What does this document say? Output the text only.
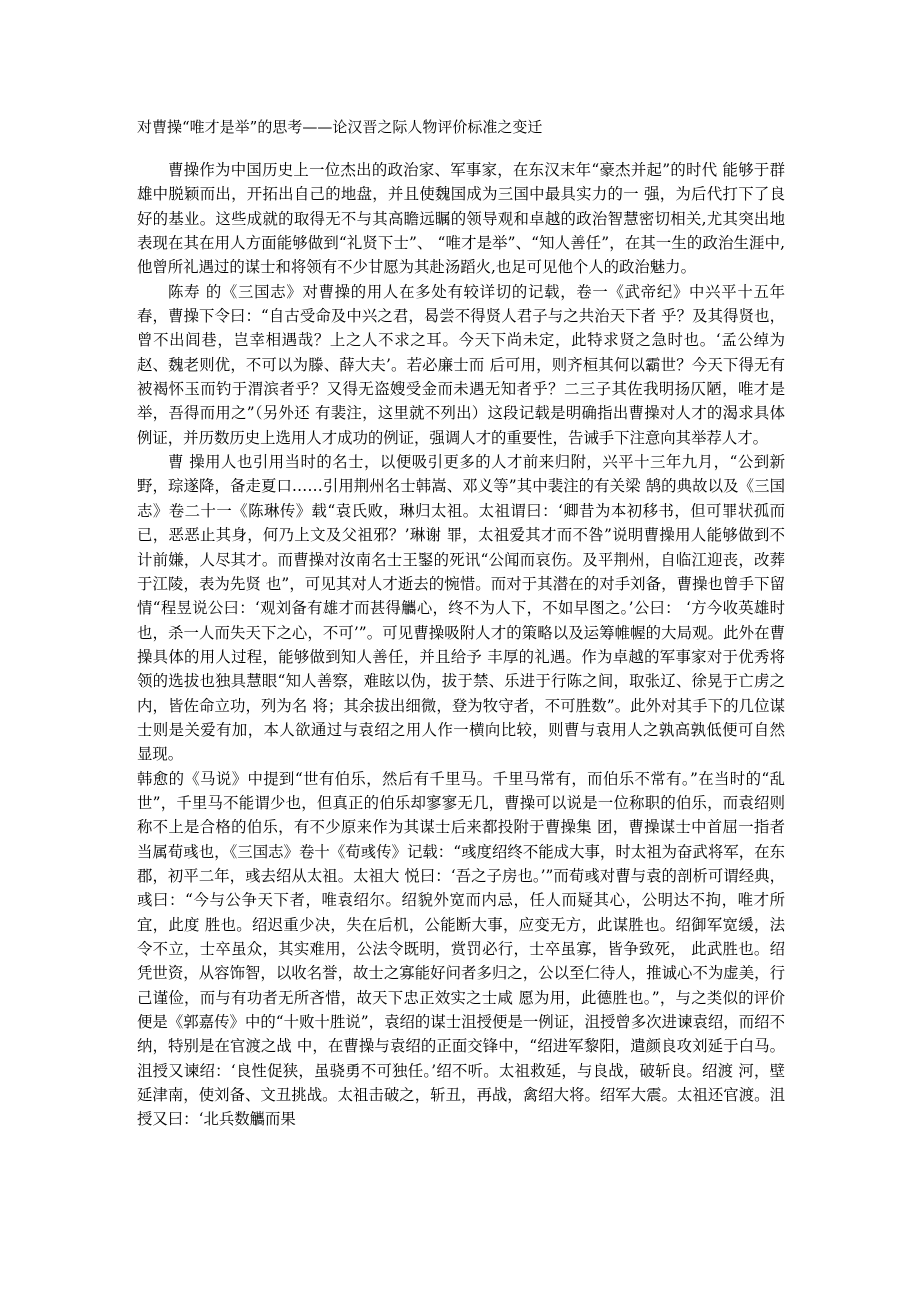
对曹操“唯才是举”的思考——论汉晋之际人物评价标准之变迁

曹操作为中国历史上一位杰出的政治家、军事家，在东汉末年“豪杰并起”的时代 能够于群雄中脱颖而出，开拓出自己的地盘，并且使魏国成为三国中最具实力的一 强，为后代打下了良好的基业。这些成就的取得无不与其高瞻远瞩的领导观和卓越的政治智慧密切相关,尤其突出地表现在其在用人方面能够做到“礼贤下士”、 “唯才是举”、“知人善任”，在其一生的政治生涯中,他曾所礼遇过的谋士和将领有不少甘愿为其赴汤蹈火,也足可见他个人的政治魅力。

陈寿 的《三国志》对曹操的用人在多处有较详切的记载，卷一《武帝纪》中兴平十五年春，曹操下令曰：“自古受命及中兴之君，曷尝不得贤人君子与之共治天下者 乎？及其得贤也，曾不出闾巷，岂幸相遇哉？上之人不求之耳。今天下尚未定，此特求贤之急时也。‘孟公绰为赵、魏老则优，不可以为滕、薛大夫’。若必廉士而 后可用，则齐桓其何以霸世？今天下得无有被褐怀玉而钓于渭滨者乎？又得无盗嫂受金而未遇无知者乎？二三子其佐我明扬仄陋，唯才是举，吾得而用之”（另外还 有裴注，这里就不列出）这段记载是明确指出曹操对人才的渴求具体例证，并历数历史上选用人才成功的例证，强调人才的重要性，告诫手下注意向其举荐人才。

曹 操用人也引用当时的名士，以便吸引更多的人才前来归附，兴平十三年九月，“公到新野，琮遂降，备走夏口……引用荆州名士韩嵩、邓义等”其中裴注的有关梁 鹄的典故以及《三国志》卷二十一《陈琳传》载“袁氏败，琳归太祖。太祖谓曰：‘卿昔为本初移书，但可罪状孤而已，恶恶止其身，何乃上文及父祖邪？’琳谢 罪，太祖爱其才而不咎”说明曹操用人能够做到不计前嫌，人尽其才。而曹操对汝南名士王鋻的死讯“公闻而哀伤。及平荆州，自临江迎丧，改葬于江陵，表为先贤 也”，可见其对人才逝去的惋惜。而对于其潜在的对手刘备，曹操也曾手下留情“程昱说公曰：‘观刘备有雄才而甚得觿心，终不为人下，不如早图之。’公曰： ‘方今收英雄时也，杀一人而失天下之心，不可’”。可见曹操吸附人才的策略以及运筹帷幄的大局观。此外在曹操具体的用人过程，能够做到知人善任，并且给予 丰厚的礼遇。作为卓越的军事家对于优秀将领的选拔也独具慧眼“知人善察，难眩以伪，拔于禁、乐进于行陈之间，取张辽、徐晃于亡虏之内，皆佐命立功，列为名 将；其余拔出细微，登为牧守者，不可胜数”。此外对其手下的几位谋士则是关爱有加，本人欲通过与袁绍之用人作一横向比较，则曹与袁用人之孰高孰低便可自然 显现。

韩愈的《马说》中提到“世有伯乐，然后有千里马。千里马常有，而伯乐不常有。”在当时的“乱 世”，千里马不能谓少也，但真正的伯乐却寥寥无几，曹操可以说是一位称职的伯乐，而袁绍则称不上是合格的伯乐，有不少原来作为其谋士后来都投附于曹操集 团，曹操谋士中首屈一指者当属荀彧也，《三国志》卷十《荀彧传》记载：“彧度绍终不能成大事，时太祖为奋武将军，在东郡，初平二年，彧去绍从太祖。太祖大 悦曰：‘吾之子房也。’”而荀彧对曹与袁的剖析可谓经典，彧曰：“今与公争天下者，唯袁绍尔。绍貌外宽而内忌，任人而疑其心，公明达不拘，唯才所宜，此度 胜也。绍迟重少决，失在后机，公能断大事，应变无方，此谋胜也。绍御军宽缓，法令不立，士卒虽众，其实难用，公法令既明，赏罚必行，士卒虽寡，皆争致死， 此武胜也。绍凭世资，从容饰智，以收名誉，故士之寡能好问者多归之，公以至仁待人，推诚心不为虚美，行己谨俭，而与有功者无所吝惜，故天下忠正效实之士咸 愿为用，此德胜也。”，与之类似的评价便是《郭嘉传》中的“十败十胜说”，袁绍的谋士沮授便是一例证，沮授曾多次进谏袁绍，而绍不纳，特别是在官渡之战 中，在曹操与袁绍的正面交锋中，“绍进军黎阳，遣颜良攻刘延于白马。沮授又谏绍：‘良性促狭，虽骁勇不可独任。’绍不听。太祖救延，与良战，破斩良。绍渡 河，壁延津南，使刘备、文丑挑战。太祖击破之，斩丑，再战，禽绍大将。绍军大震。太祖还官渡。沮授又曰：‘北兵数觿而果
